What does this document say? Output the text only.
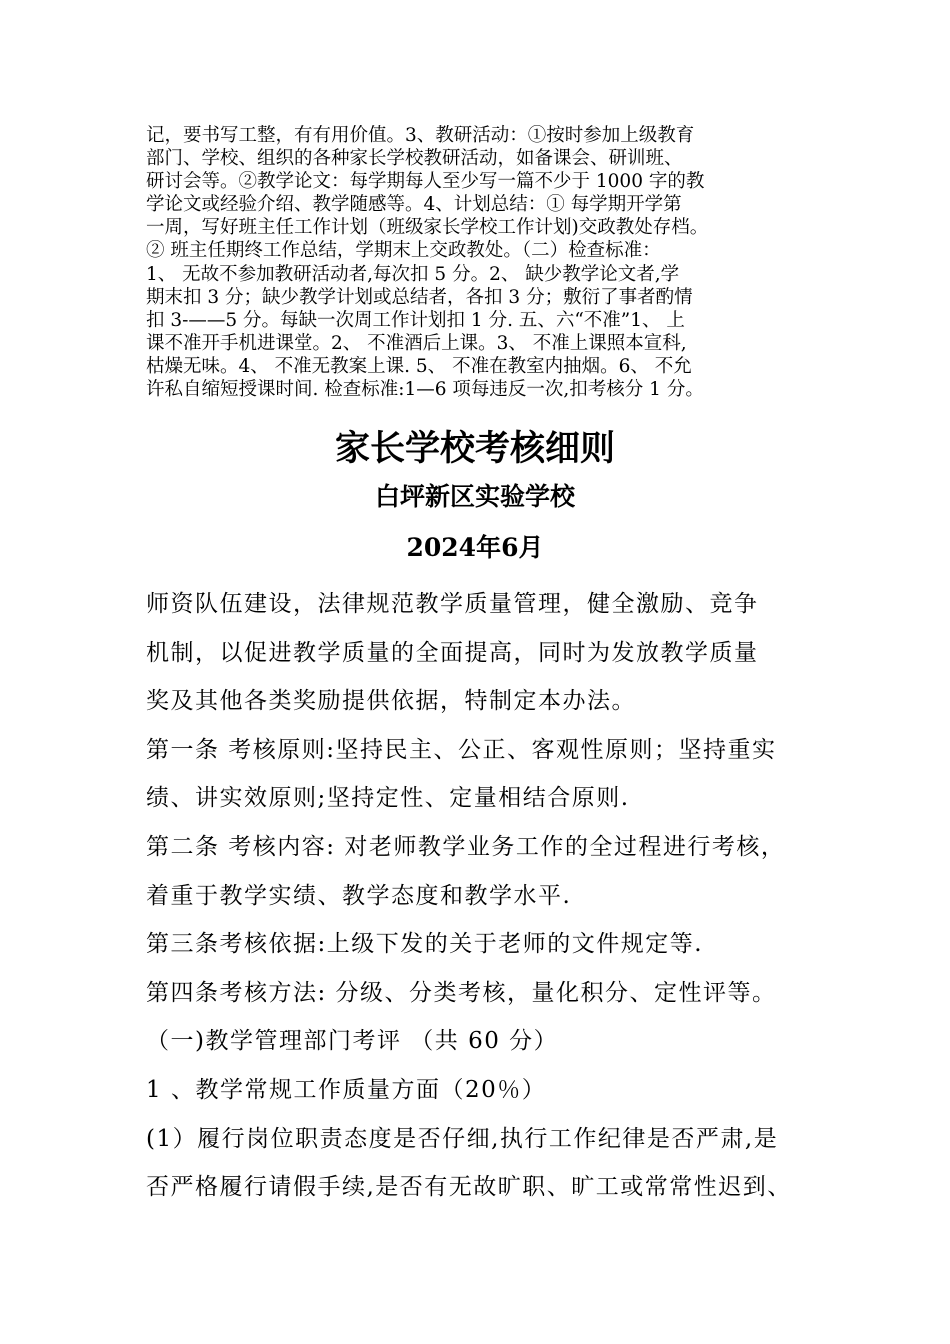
记，要书写工整，有有用价值。3、教研活动：①按时参加上级教育
部门、学校、组织的各种家长学校教研活动，如备课会、研训班、
研讨会等。②教学论文：每学期每人至少写一篇不少于 1000 字的教
学论文或经验介绍、教学随感等。4、计划总结：① 每学期开学第
一周，写好班主任工作计划（班级家长学校工作计划)交政教处存档。
② 班主任期终工作总结，学期末上交政教处。（二）检查标准：
1、 无故不参加教研活动者,每次扣 5 分。2、 缺少教学论文者,学
期末扣 3 分；缺少教学计划或总结者，各扣 3 分；敷衍了事者酌情
扣 3-——5 分。每缺一次周工作计划扣 1 分. 五、六“不准”1、 上
课不准开手机进课堂。2、 不准酒后上课。3、 不准上课照本宣科,
枯燥无味。4、 不准无教案上课. 5、 不准在教室内抽烟。6、 不允
许私自缩短授课时间. 检查标准:1—6 项每违反一次,扣考核分 1 分。
家长学校考核细则
白坪新区实验学校
2024年6月
师资队伍建设，法律规范教学质量管理，健全激励、竞争
机制，以促进教学质量的全面提高，同时为发放教学质量
奖及其他各类奖励提供依据，特制定本办法。
第一条 考核原则:坚持民主、公正、客观性原则；坚持重实
绩、讲实效原则;坚持定性、定量相结合原则.
第二条 考核内容: 对老师教学业务工作的全过程进行考核，
着重于教学实绩、教学态度和教学水平.
第三条考核依据:上级下发的关于老师的文件规定等.
第四条考核方法: 分级、分类考核，量化积分、定性评等。
（一)教学管理部门考评 （共 60 分）
1 、教学常规工作质量方面（20％）
(1）履行岗位职责态度是否仔细,执行工作纪律是否严肃,是
否严格履行请假手续,是否有无故旷职、旷工或常常性迟到、
